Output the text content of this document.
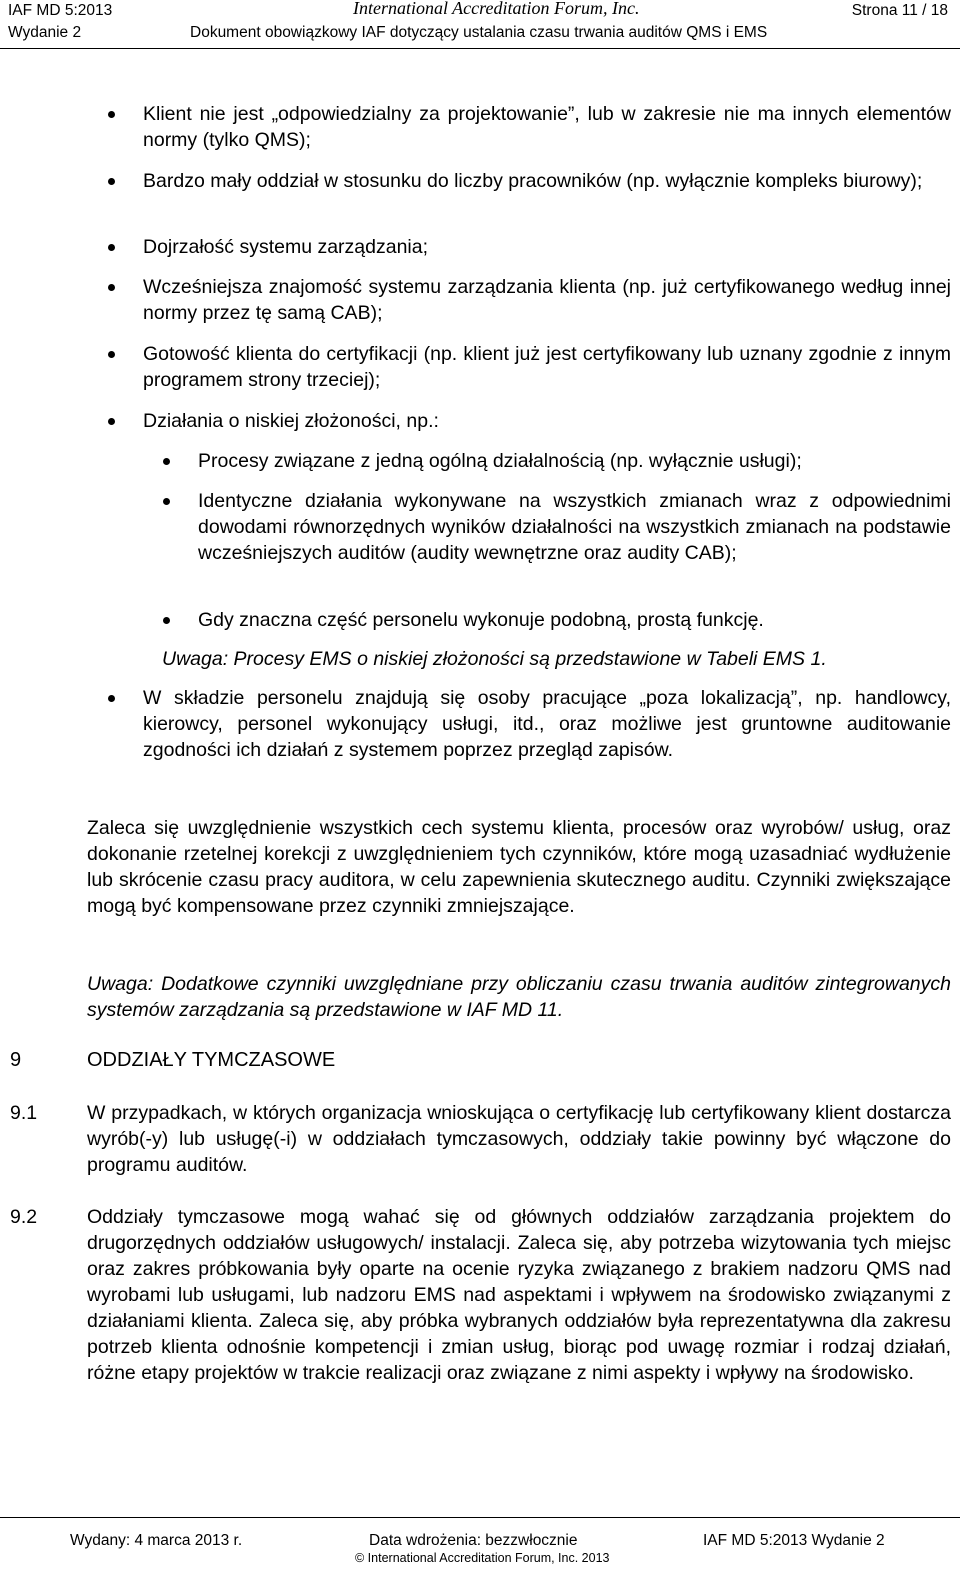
IAF MD 5:2013	International Accreditation Forum, Inc.	Strona 11 / 18
Wydanie 2	Dokument obowiązkowy IAF dotyczący ustalania czasu trwania auditów QMS i EMS
Klient nie jest „odpowiedzialny za projektowanie”, lub w zakresie nie ma innych elementów normy (tylko QMS);
Bardzo mały oddział w stosunku do liczby pracowników (np. wyłącznie kompleks biurowy);
Dojrzałość systemu zarządzania;
Wcześniejsza znajomość systemu zarządzania klienta (np. już certyfikowanego według innej normy przez tę samą CAB);
Gotowość klienta do certyfikacji (np. klient już jest certyfikowany lub uznany zgodnie z innym programem strony trzeciej);
Działania o niskiej złożoności, np.:
Procesy związane z jedną ogólną działalnością (np. wyłącznie usługi);
Identyczne działania wykonywane na wszystkich zmianach wraz z odpowiednimi dowodami równorzędnych wyników działalności na wszystkich zmianach na podstawie wcześniejszych auditów (audity wewnętrzne oraz audity CAB);
Gdy znaczna część personelu wykonuje podobną, prostą funkcję.
Uwaga: Procesy EMS o niskiej złożoności są przedstawione w Tabeli EMS 1.
W składzie personelu znajdują się osoby pracujące „poza lokalizacją”, np. handlowcy, kierowcy, personel wykonujący usługi, itd., oraz możliwe jest gruntowne auditowanie zgodności ich działań z systemem poprzez przegląd zapisów.
Zaleca się uwzględnienie wszystkich cech systemu klienta, procesów oraz wyrobów/ usług, oraz dokonanie rzetelnej korekcji z uwzględnieniem tych czynników, które mogą uzasadniać wydłużenie lub skrócenie czasu pracy auditora, w celu zapewnienia skutecznego auditu. Czynniki zwiększające mogą być kompensowane przez czynniki zmniejszające.
Uwaga: Dodatkowe czynniki uwzględniane przy obliczaniu czasu trwania auditów zintegrowanych systemów zarządzania są przedstawione w IAF MD 11.
9	ODDZIAŁY TYMCZASOWE
9.1	W przypadkach, w których organizacja wnioskująca o certyfikację lub certyfikowany klient dostarcza wyrób(-y) lub usługę(-i) w oddziałach tymczasowych, oddziały takie powinny być włączone do programu auditów.
9.2	Oddziały tymczasowe mogą wahać się od głównych oddziałów zarządzania projektem do drugorzędnych oddziałów usługowych/ instalacji. Zaleca się, aby potrzeba wizytowania tych miejsc oraz zakres próbkowania były oparte na ocenie ryzyka związanego z brakiem nadzoru QMS nad wyrobami lub usługami, lub nadzoru EMS nad aspektami i wpływem na środowisko związanymi z działaniami klienta. Zaleca się, aby próbka wybranych oddziałów była reprezentatywna dla zakresu potrzeb klienta odnośnie kompetencji i zmian usług, biorąc pod uwagę rozmiar i rodzaj działań, różne etapy projektów w trakcie realizacji oraz związane z nimi aspekty i wpływy na środowisko.
Wydany: 4 marca 2013 r.	Data wdrożenia: bezzwłocznie	IAF MD 5:2013 Wydanie 2
© International Accreditation Forum, Inc. 2013
